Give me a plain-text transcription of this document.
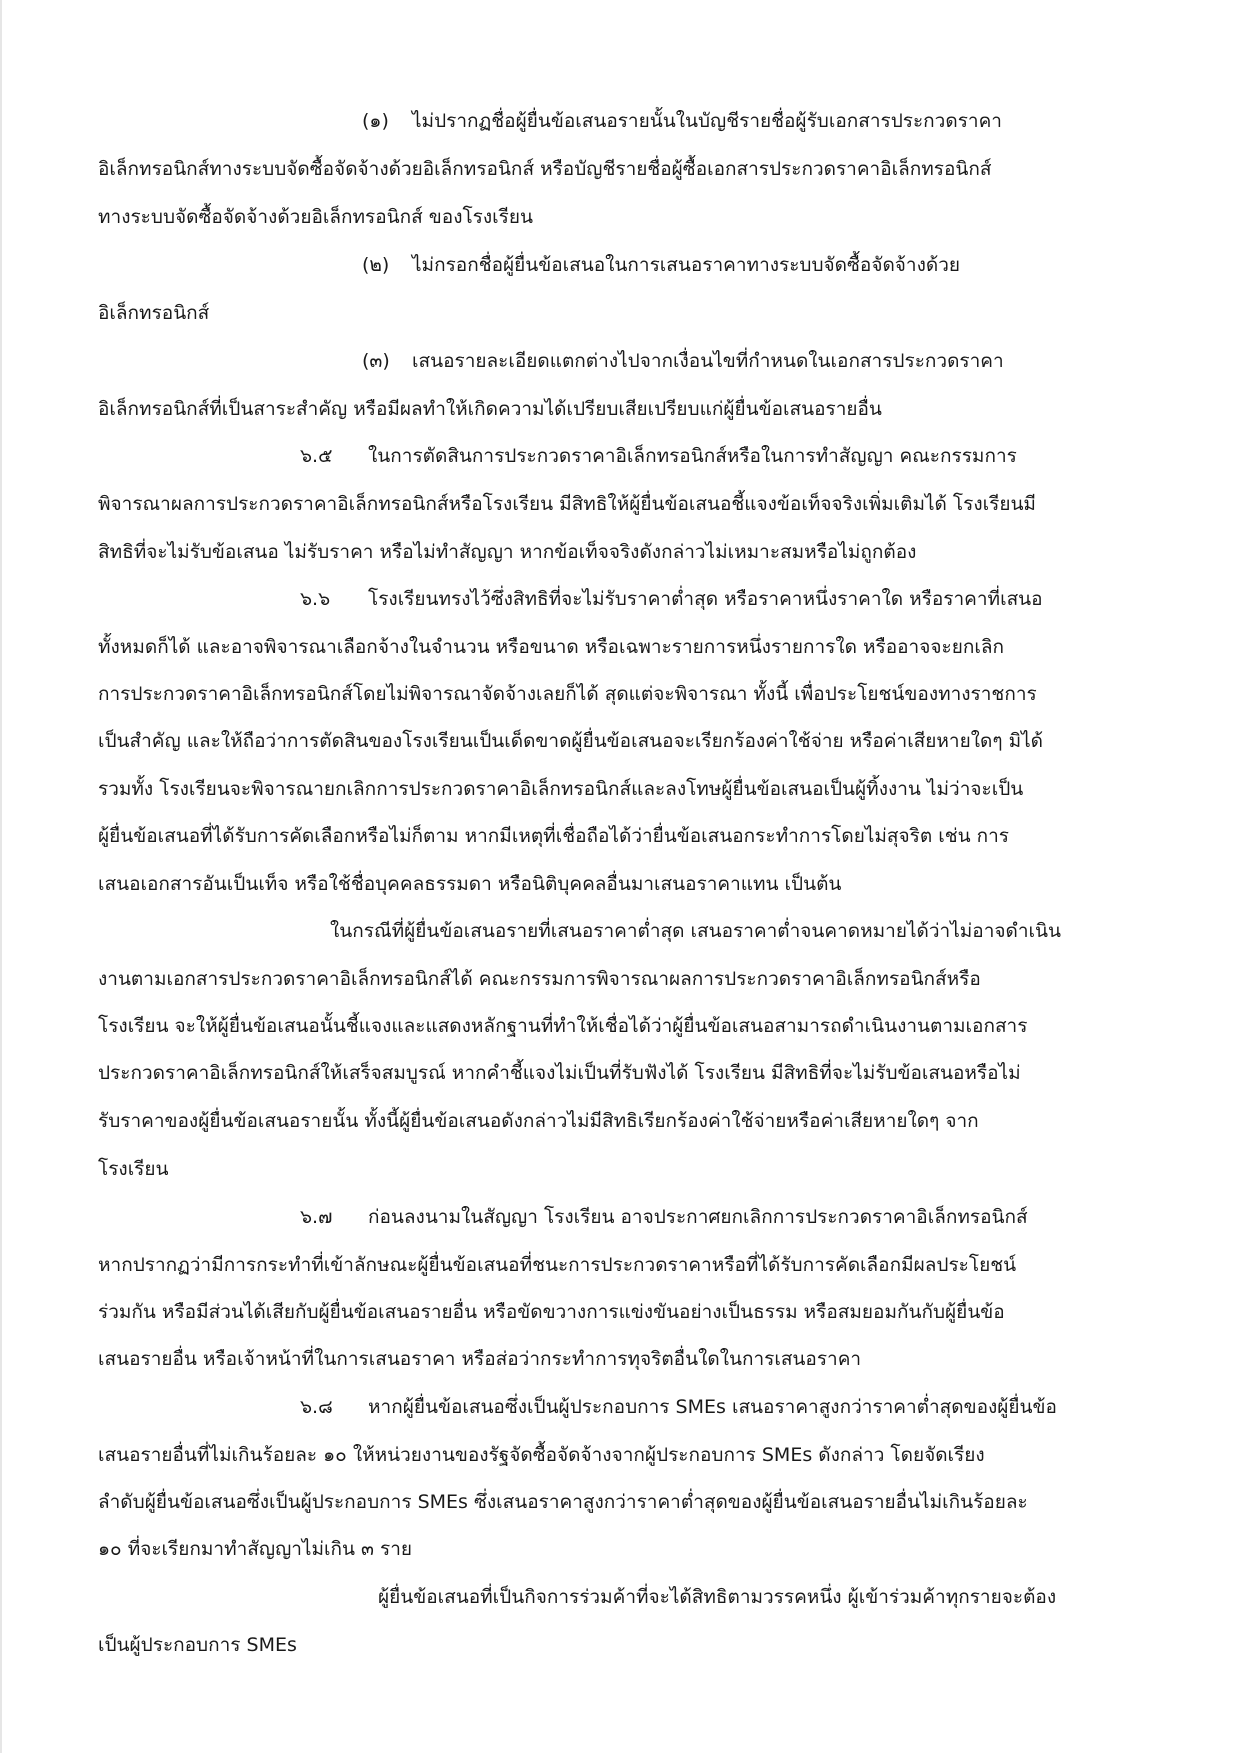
(๑) ไม่ปรากฏชื่อผู้ยื่นข้อเสนอรายนั้นในบัญชีรายชื่อผู้รับเอกสารประกวดราคา
อิเล็กทรอนิกส์ทางระบบจัดซื้อจัดจ้างด้วยอิเล็กทรอนิกส์ หรือบัญชีรายชื่อผู้ซื้อเอกสารประกวดราคาอิเล็กทรอนิกส์
ทางระบบจัดซื้อจัดจ้างด้วยอิเล็กทรอนิกส์ ของโรงเรียน
(๒) ไม่กรอกชื่อผู้ยื่นข้อเสนอในการเสนอราคาทางระบบจัดซื้อจัดจ้างด้วย
อิเล็กทรอนิกส์
(๓) เสนอรายละเอียดแตกต่างไปจากเงื่อนไขที่กำหนดในเอกสารประกวดราคา
อิเล็กทรอนิกส์ที่เป็นสาระสำคัญ หรือมีผลทำให้เกิดความได้เปรียบเสียเปรียบแก่ผู้ยื่นข้อเสนอรายอื่น
๖.๕ ในการตัดสินการประกวดราคาอิเล็กทรอนิกส์หรือในการทำสัญญา คณะกรรมการ
พิจารณาผลการประกวดราคาอิเล็กทรอนิกส์หรือโรงเรียน มีสิทธิให้ผู้ยื่นข้อเสนอชี้แจงข้อเท็จจริงเพิ่มเติมได้ โรงเรียนมี
สิทธิที่จะไม่รับข้อเสนอ ไม่รับราคา หรือไม่ทำสัญญา หากข้อเท็จจริงดังกล่าวไม่เหมาะสมหรือไม่ถูกต้อง
๖.๖ โรงเรียนทรงไว้ซึ่งสิทธิที่จะไม่รับราคาต่ำสุด หรือราคาหนึ่งราคาใด หรือราคาที่เสนอ
ทั้งหมดก็ได้ และอาจพิจารณาเลือกจ้างในจำนวน หรือขนาด หรือเฉพาะรายการหนึ่งรายการใด หรืออาจจะยกเลิก
การประกวดราคาอิเล็กทรอนิกส์โดยไม่พิจารณาจัดจ้างเลยก็ได้ สุดแต่จะพิจารณา ทั้งนี้ เพื่อประโยชน์ของทางราชการ
เป็นสำคัญ และให้ถือว่าการตัดสินของโรงเรียนเป็นเด็ดขาดผู้ยื่นข้อเสนอจะเรียกร้องค่าใช้จ่าย หรือค่าเสียหายใดๆ มิได้
รวมทั้ง โรงเรียนจะพิจารณายกเลิกการประกวดราคาอิเล็กทรอนิกส์และลงโทษผู้ยื่นข้อเสนอเป็นผู้ทิ้งงาน ไม่ว่าจะเป็น
ผู้ยื่นข้อเสนอที่ได้รับการคัดเลือกหรือไม่ก็ตาม หากมีเหตุที่เชื่อถือได้ว่ายื่นข้อเสนอกระทำการโดยไม่สุจริต เช่น การ
เสนอเอกสารอันเป็นเท็จ หรือใช้ชื่อบุคคลธรรมดา หรือนิติบุคคลอื่นมาเสนอราคาแทน เป็นต้น
ในกรณีที่ผู้ยื่นข้อเสนอรายที่เสนอราคาต่ำสุด เสนอราคาต่ำจนคาดหมายได้ว่าไม่อาจดำเนิน
งานตามเอกสารประกวดราคาอิเล็กทรอนิกส์ได้ คณะกรรมการพิจารณาผลการประกวดราคาอิเล็กทรอนิกส์หรือ
โรงเรียน จะให้ผู้ยื่นข้อเสนอนั้นชี้แจงและแสดงหลักฐานที่ทำให้เชื่อได้ว่าผู้ยื่นข้อเสนอสามารถดำเนินงานตามเอกสาร
ประกวดราคาอิเล็กทรอนิกส์ให้เสร็จสมบูรณ์ หากคำชี้แจงไม่เป็นที่รับฟังได้ โรงเรียน มีสิทธิที่จะไม่รับข้อเสนอหรือไม่
รับราคาของผู้ยื่นข้อเสนอรายนั้น ทั้งนี้ผู้ยื่นข้อเสนอดังกล่าวไม่มีสิทธิเรียกร้องค่าใช้จ่ายหรือค่าเสียหายใดๆ จาก
โรงเรียน
๖.๗ ก่อนลงนามในสัญญา โรงเรียน อาจประกาศยกเลิกการประกวดราคาอิเล็กทรอนิกส์
หากปรากฏว่ามีการกระทำที่เข้าลักษณะผู้ยื่นข้อเสนอที่ชนะการประกวดราคาหรือที่ได้รับการคัดเลือกมีผลประโยชน์
ร่วมกัน หรือมีส่วนได้เสียกับผู้ยื่นข้อเสนอรายอื่น หรือขัดขวางการแข่งขันอย่างเป็นธรรม หรือสมยอมกันกับผู้ยื่นข้อ
เสนอรายอื่น หรือเจ้าหน้าที่ในการเสนอราคา หรือส่อว่ากระทำการทุจริตอื่นใดในการเสนอราคา
๖.๘ หากผู้ยื่นข้อเสนอซึ่งเป็นผู้ประกอบการ SMEs เสนอราคาสูงกว่าราคาต่ำสุดของผู้ยื่นข้อ
เสนอรายอื่นที่ไม่เกินร้อยละ ๑๐ ให้หน่วยงานของรัฐจัดซื้อจัดจ้างจากผู้ประกอบการ SMEs ดังกล่าว โดยจัดเรียง
ลำดับผู้ยื่นข้อเสนอซึ่งเป็นผู้ประกอบการ SMEs ซึ่งเสนอราคาสูงกว่าราคาต่ำสุดของผู้ยื่นข้อเสนอรายอื่นไม่เกินร้อยละ
๑๐ ที่จะเรียกมาทำสัญญาไม่เกิน ๓ ราย
ผู้ยื่นข้อเสนอที่เป็นกิจการร่วมค้าที่จะได้สิทธิตามวรรคหนึ่ง ผู้เข้าร่วมค้าทุกรายจะต้อง
เป็นผู้ประกอบการ SMEs
